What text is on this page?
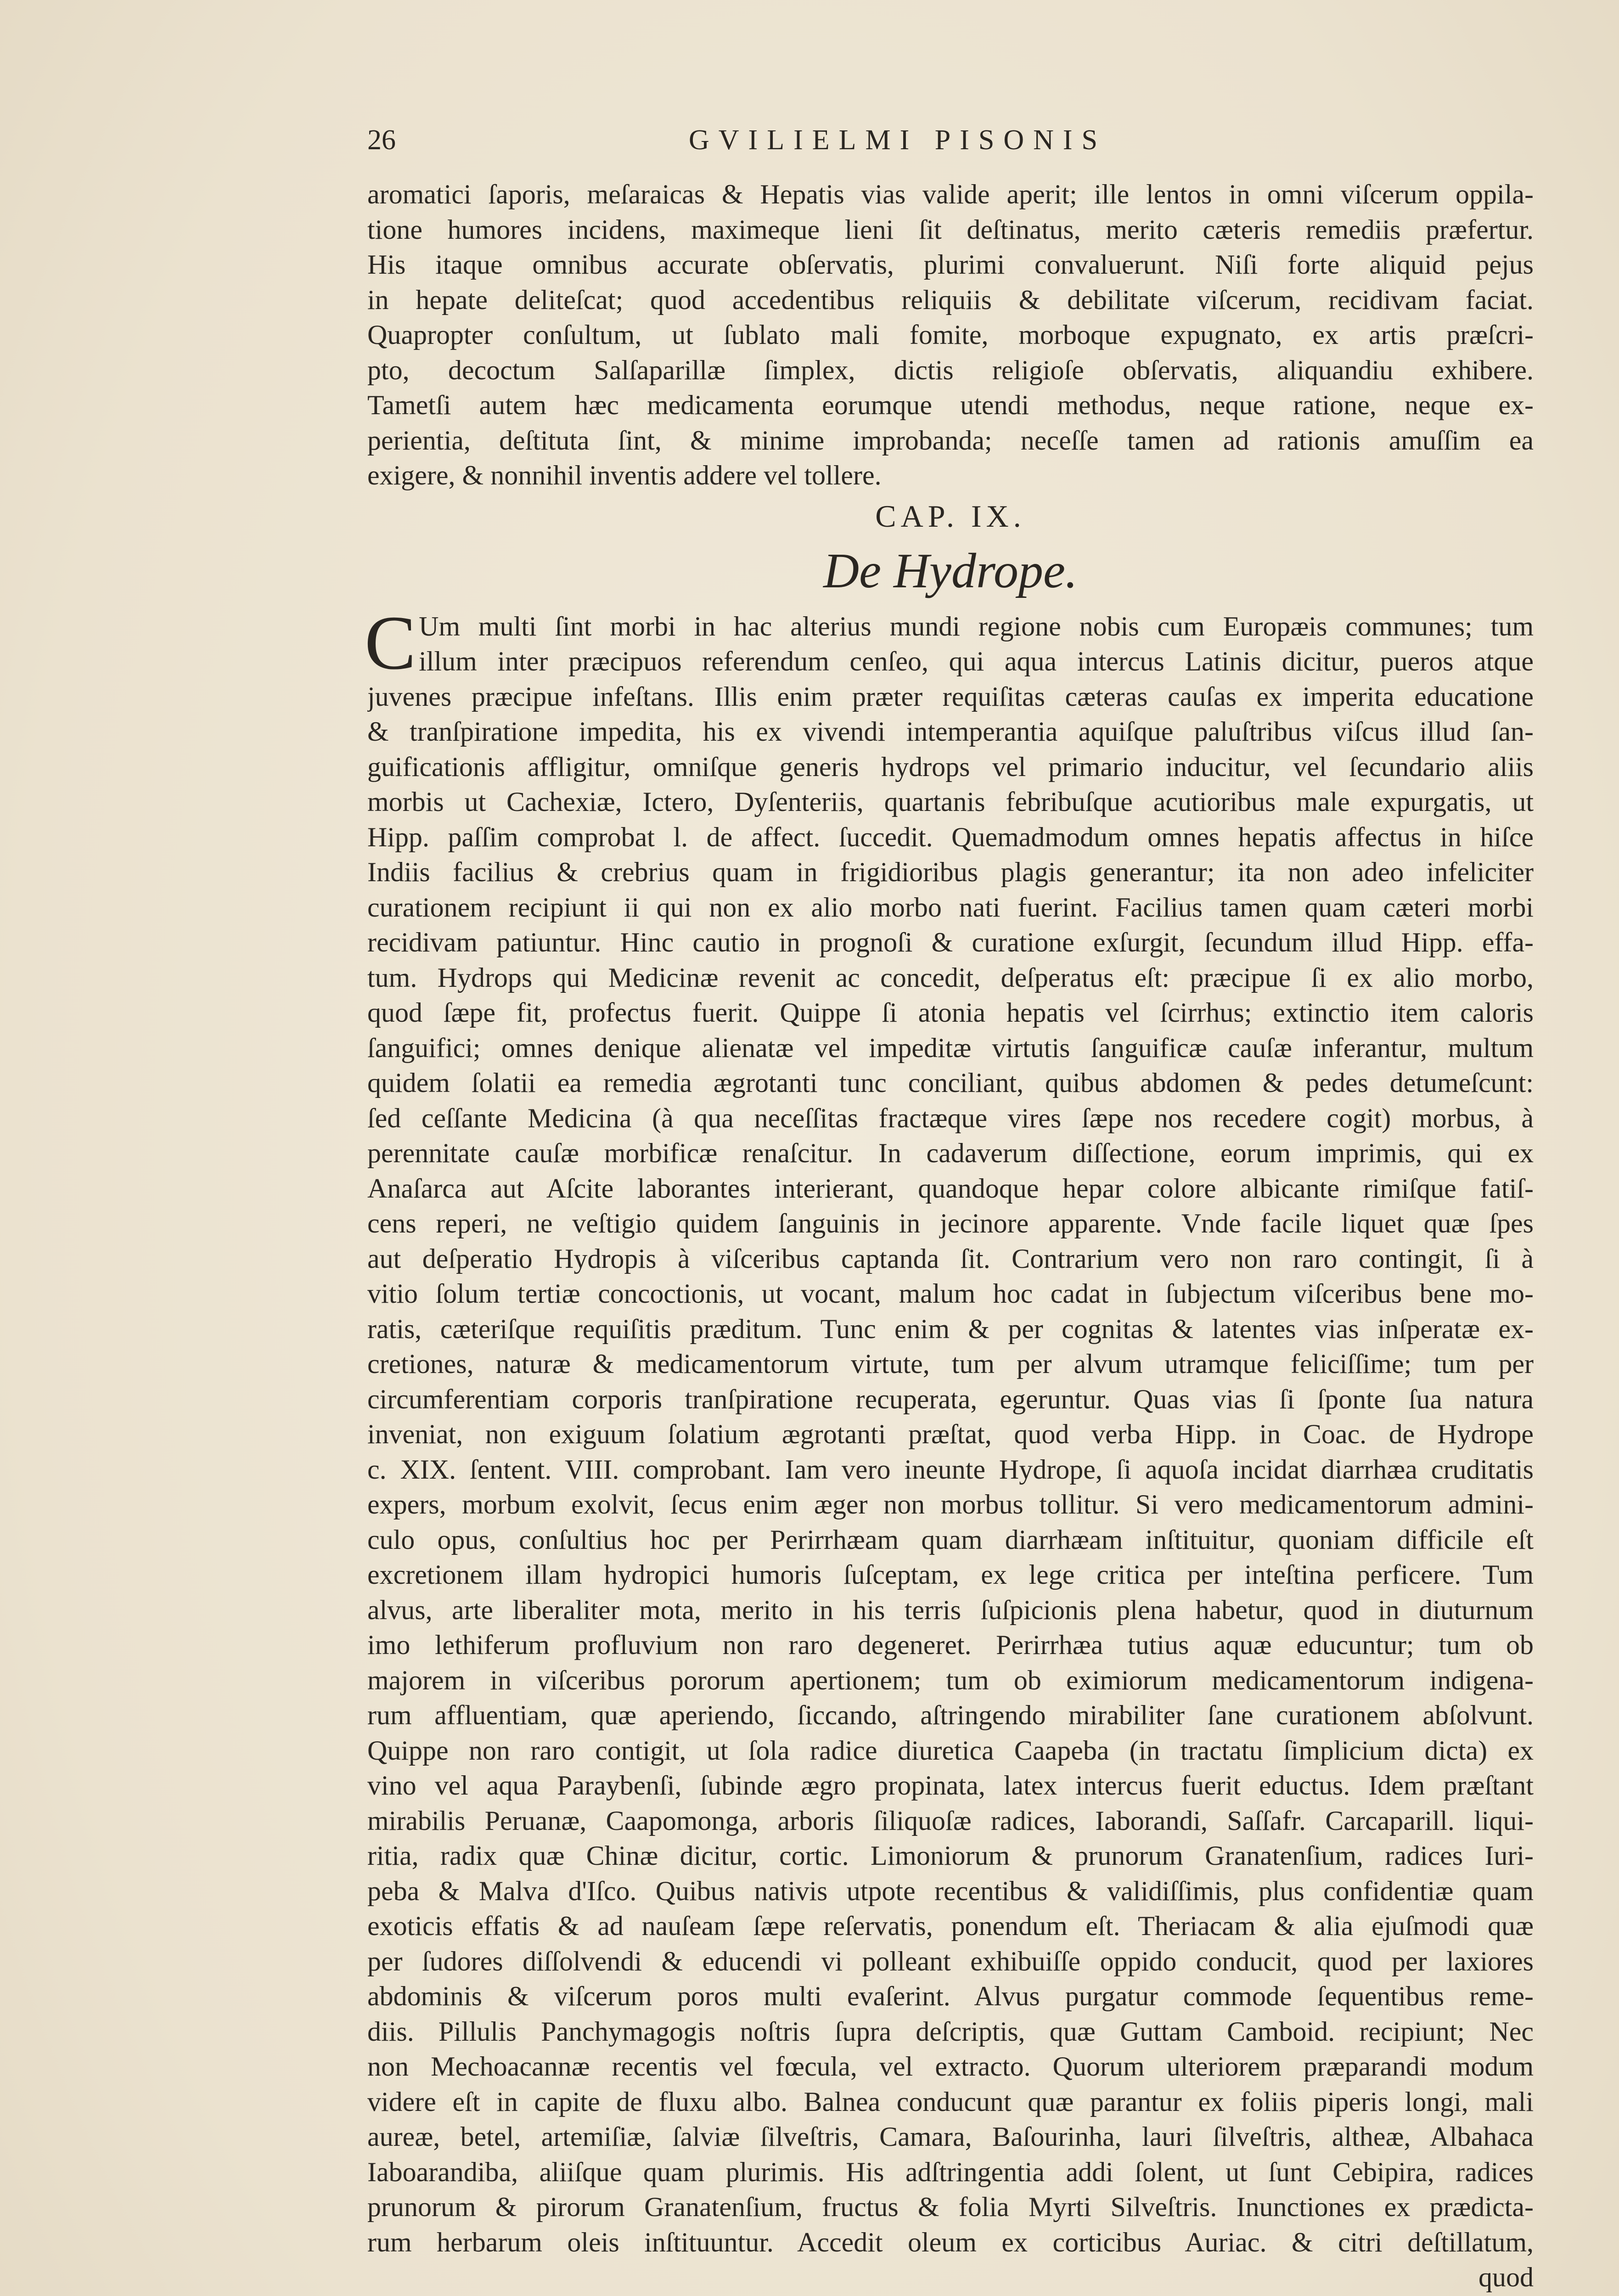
26	GVILIELMI PISONIS
aromatici ſaporis, meſaraicas & Hepatis vias valide aperit; ille lentos in omni viſcerum oppila-
tione humores incidens, maximeque lieni ſit deſtinatus, merito cæteris remediis præfertur.
His itaque omnibus accurate obſervatis, plurimi convaluerunt. Niſi forte aliquid pejus
in hepate deliteſcat; quod accedentibus reliquiis & debilitate viſcerum, recidivam faciat.
Quapropter conſultum, ut ſublato mali fomite, morboque expugnato, ex artis præſcri-
pto, decoctum Salſaparillæ ſimplex, dictis religioſe obſervatis, aliquandiu exhibere.
Tametſi autem hæc medicamenta eorumque utendi methodus, neque ratione, neque ex-
perientia, deſtituta ſint, & minime improbanda; neceſſe tamen ad rationis amuſſim ea
exigere, & nonnihil inventis addere vel tollere.
CAP. IX.
De Hydrope.
C Um multi ſint morbi in hac alterius mundi regione nobis cum Europæis communes; tum
illum inter præcipuos referendum cenſeo, qui aqua intercus Latinis dicitur, pueros atque
juvenes præcipue infeſtans. Illis enim præter requiſitas cæteras cauſas ex imperita educatione
& tranſpiratione impedita, his ex vivendi intemperantia aquiſque paluſtribus viſcus illud ſan-
guificationis affligitur, omniſque generis hydrops vel primario inducitur, vel ſecundario aliis
morbis ut Cachexiæ, Ictero, Dyſenteriis, quartanis febribuſque acutioribus male expurgatis, ut
Hipp. paſſim comprobat l. de affect. ſuccedit. Quemadmodum omnes hepatis affectus in hiſce
Indiis facilius & crebrius quam in frigidioribus plagis generantur; ita non adeo infeliciter
curationem recipiunt ii qui non ex alio morbo nati fuerint. Facilius tamen quam cæteri morbi
recidivam patiuntur. Hinc cautio in prognoſi & curatione exſurgit, ſecundum illud Hipp. effa-
tum. Hydrops qui Medicinæ revenit ac concedit, deſperatus eſt: præcipue ſi ex alio morbo,
quod ſæpe fit, profectus fuerit. Quippe ſi atonia hepatis vel ſcirrhus; extinctio item caloris
ſanguifici; omnes denique alienatæ vel impeditæ virtutis ſanguificæ cauſæ inferantur, multum
quidem ſolatii ea remedia ægrotanti tunc conciliant, quibus abdomen & pedes detumeſcunt:
ſed ceſſante Medicina (à qua neceſſitas fractæque vires ſæpe nos recedere cogit) morbus, à
perennitate cauſæ morbificæ renaſcitur. In cadaverum diſſectione, eorum imprimis, qui ex
Anaſarca aut Aſcite laborantes interierant, quandoque hepar colore albicante rimiſque fatiſ-
cens reperi, ne veſtigio quidem ſanguinis in jecinore apparente. Vnde facile liquet quæ ſpes
aut deſperatio Hydropis à viſceribus captanda ſit. Contrarium vero non raro contingit, ſi à
vitio ſolum tertiæ concoctionis, ut vocant, malum hoc cadat in ſubjectum viſceribus bene mo-
ratis, cæteriſque requiſitis præditum. Tunc enim & per cognitas & latentes vias inſperatæ ex-
cretiones, naturæ & medicamentorum virtute, tum per alvum utramque feliciſſime; tum per
circumferentiam corporis tranſpiratione recuperata, egeruntur. Quas vias ſi ſponte ſua natura
inveniat, non exiguum ſolatium ægrotanti præſtat, quod verba Hipp. in Coac. de Hydrope
c. XIX. ſentent. VIII. comprobant. Iam vero ineunte Hydrope, ſi aquoſa incidat diarrhæa cruditatis
expers, morbum exolvit, ſecus enim æger non morbus tollitur. Si vero medicamentorum admini-
culo opus, conſultius hoc per Perirrhæam quam diarrhæam inſtituitur, quoniam difficile eſt
excretionem illam hydropici humoris ſuſceptam, ex lege critica per inteſtina perficere. Tum
alvus, arte liberaliter mota, merito in his terris ſuſpicionis plena habetur, quod in diuturnum
imo lethiferum profluvium non raro degeneret. Perirrhæa tutius aquæ educuntur; tum ob
majorem in viſceribus pororum apertionem; tum ob eximiorum medicamentorum indigena-
rum affluentiam, quæ aperiendo, ſiccando, aſtringendo mirabiliter ſane curationem abſolvunt.
Quippe non raro contigit, ut ſola radice diuretica Caapeba (in tractatu ſimplicium dicta) ex
vino vel aqua Paraybenſi, ſubinde ægro propinata, latex intercus fuerit eductus. Idem præſtant
mirabilis Peruanæ, Caapomonga, arboris ſiliquoſæ radices, Iaborandi, Saſſafr. Carcaparill. liqui-
ritia, radix quæ Chinæ dicitur, cortic. Limoniorum & prunorum Granatenſium, radices Iuri-
peba & Malva d'Iſco. Quibus nativis utpote recentibus & validiſſimis, plus confidentiæ quam
exoticis effatis & ad nauſeam ſæpe reſervatis, ponendum eſt. Theriacam & alia ejuſmodi quæ
per ſudores diſſolvendi & educendi vi polleant exhibuiſſe oppido conducit, quod per laxiores
abdominis & viſcerum poros multi evaſerint. Alvus purgatur commode ſequentibus reme-
diis. Pillulis Panchymagogis noſtris ſupra deſcriptis, quæ Guttam Camboid. recipiunt; Nec
non Mechoacannæ recentis vel fœcula, vel extracto. Quorum ulteriorem præparandi modum
videre eſt in capite de fluxu albo. Balnea conducunt quæ parantur ex foliis piperis longi, mali
aureæ, betel, artemiſiæ, ſalviæ ſilveſtris, Camara, Baſourinha, lauri ſilveſtris, altheæ, Albahaca
Iaboarandiba, aliiſque quam plurimis. His adſtringentia addi ſolent, ut ſunt Cebipira, radices
prunorum & pirorum Granatenſium, fructus & folia Myrti Silveſtris. Inunctiones ex prædicta-
rum herbarum oleis inſtituuntur. Accedit oleum ex corticibus Auriac. & citri deſtillatum,
quod
